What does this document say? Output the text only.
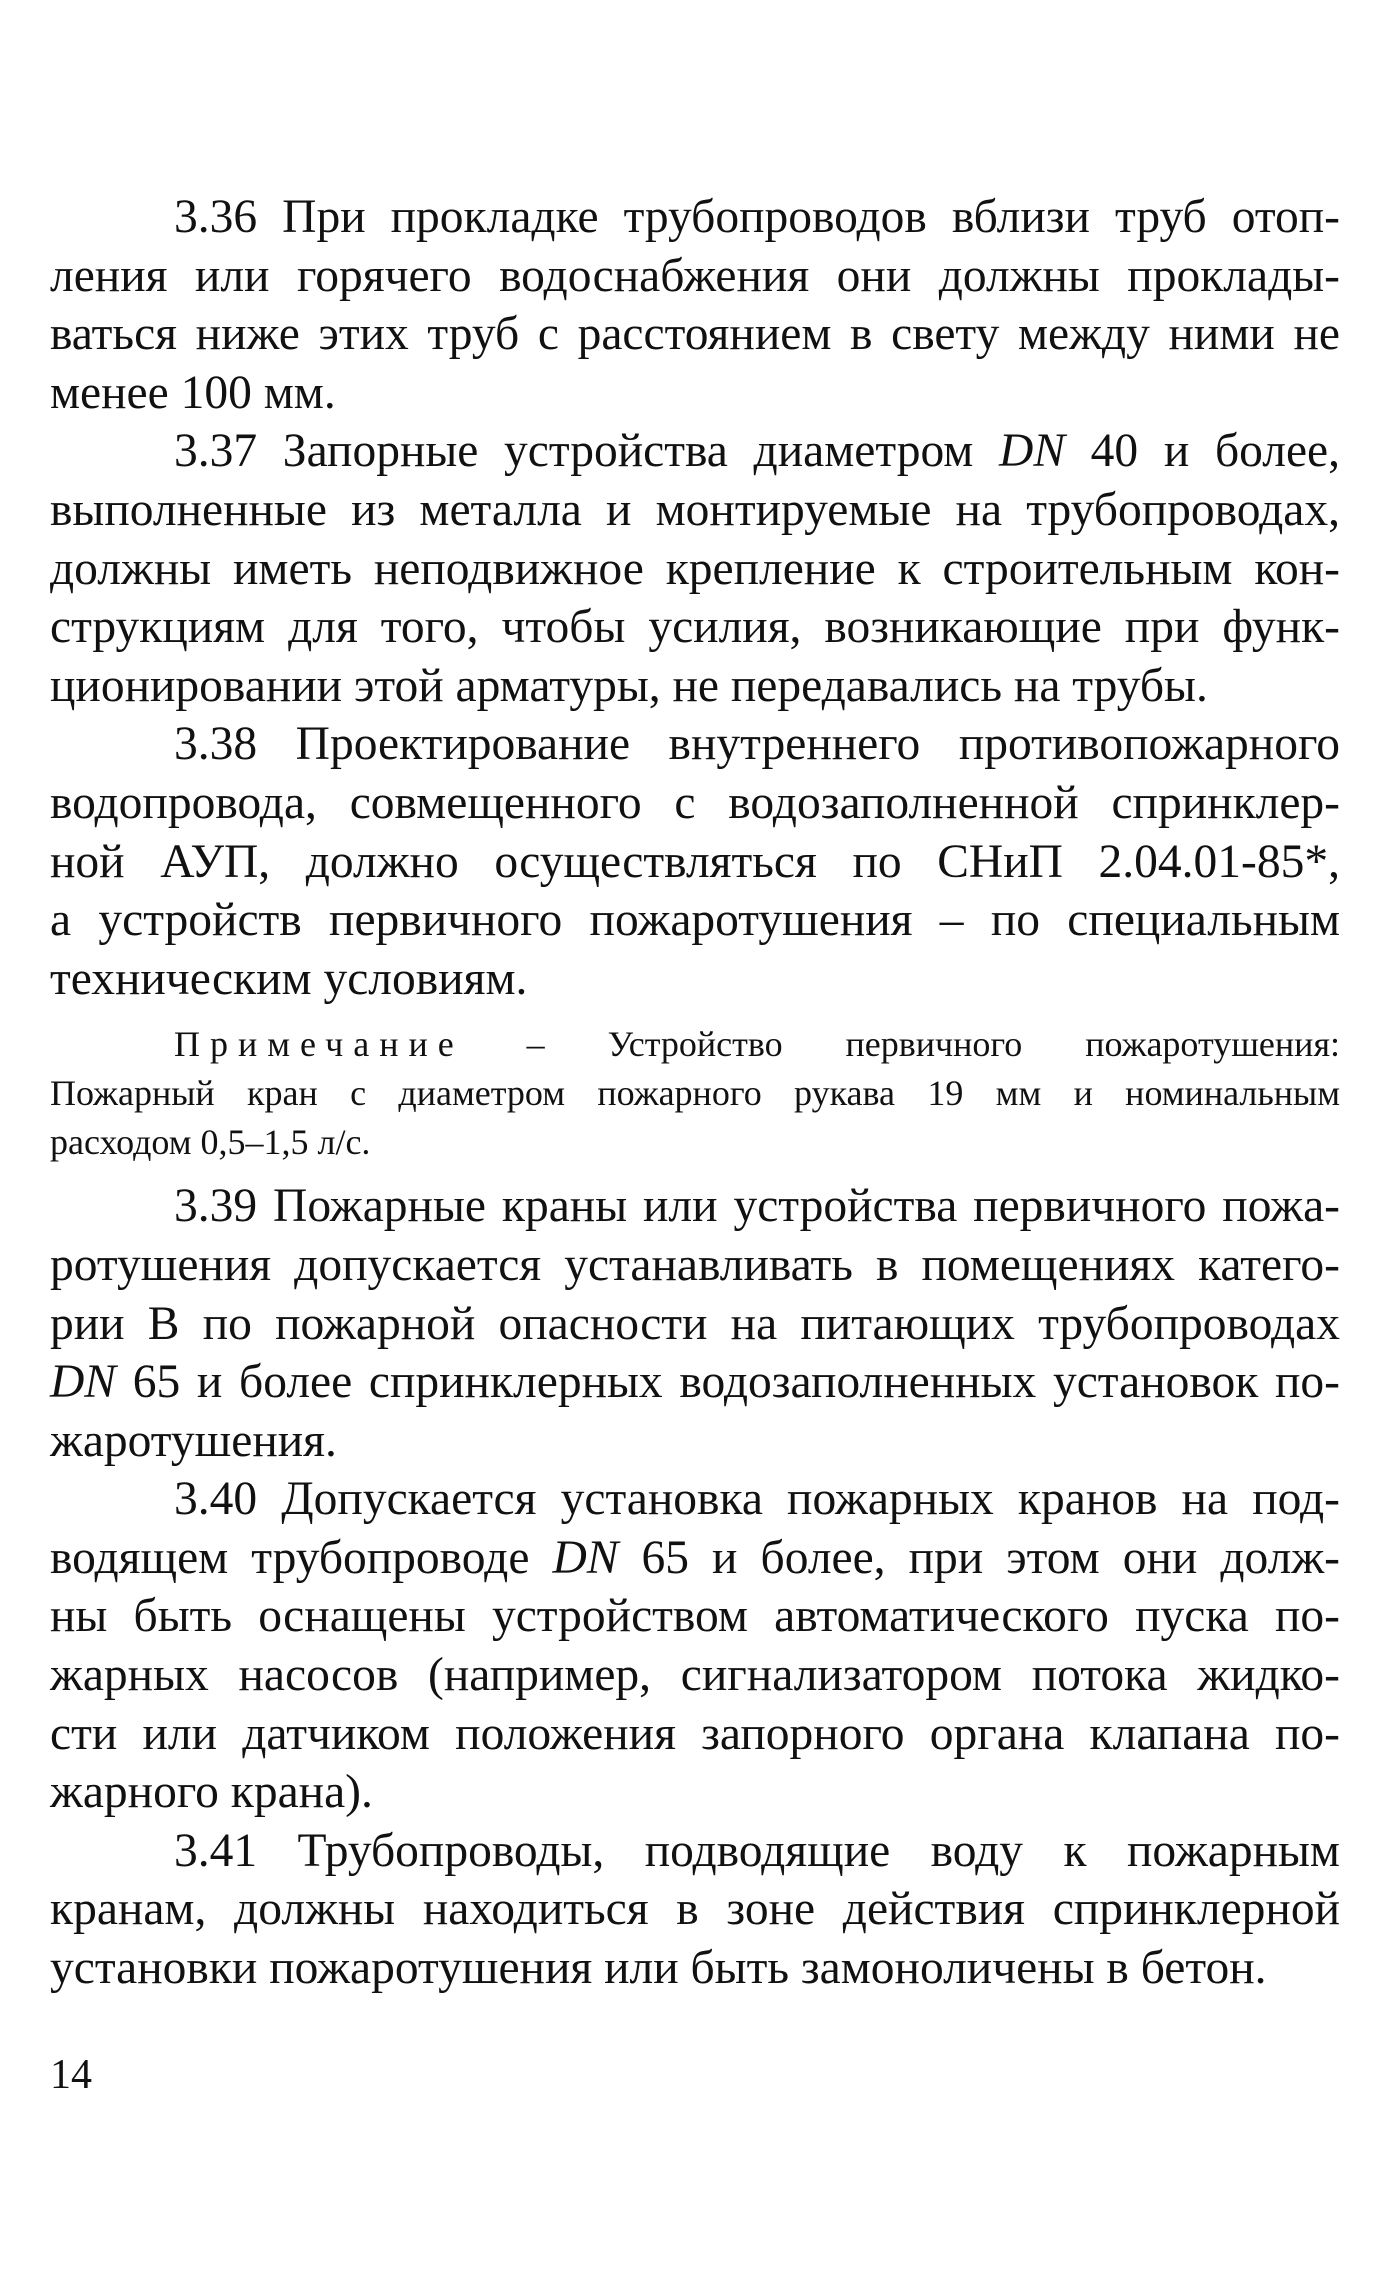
3.36 При прокладке трубопроводов вблизи труб отоп-
ления или горячего водоснабжения они должны проклады-
ваться ниже этих труб с расстоянием в свету между ними не
менее 100 мм.

3.37 Запорные устройства диаметром DN 40 и более,
выполненные из металла и монтируемые на трубопроводах,
должны иметь неподвижное крепление к строительным кон-
струкциям для того, чтобы усилия, возникающие при функ-
ционировании этой арматуры, не передавались на трубы.

3.38 Проектирование внутреннего противопожарного
водопровода, совмещенного с водозаполненной спринклер-
ной АУП, должно осуществляться по СНиП 2.04.01-85*,
а устройств первичного пожаротушения – по специальным
техническим условиям.

Примечание – Устройство первичного пожаротушения:
Пожарный кран с диаметром пожарного рукава 19 мм и номинальным
расходом 0,5–1,5 л/с.

3.39 Пожарные краны или устройства первичного пожа-
ротушения допускается устанавливать в помещениях катего-
рии В по пожарной опасности на питающих трубопроводах
DN 65 и более спринклерных водозаполненных установок по-
жаротушения.

3.40 Допускается установка пожарных кранов на под-
водящем трубопроводе DN 65 и более, при этом они долж-
ны быть оснащены устройством автоматического пуска по-
жарных насосов (например, сигнализатором потока жидко-
сти или датчиком положения запорного органа клапана по-
жарного крана).

3.41 Трубопроводы, подводящие воду к пожарным
кранам, должны находиться в зоне действия спринклерной
установки пожаротушения или быть замоноличены в бетон.

14
